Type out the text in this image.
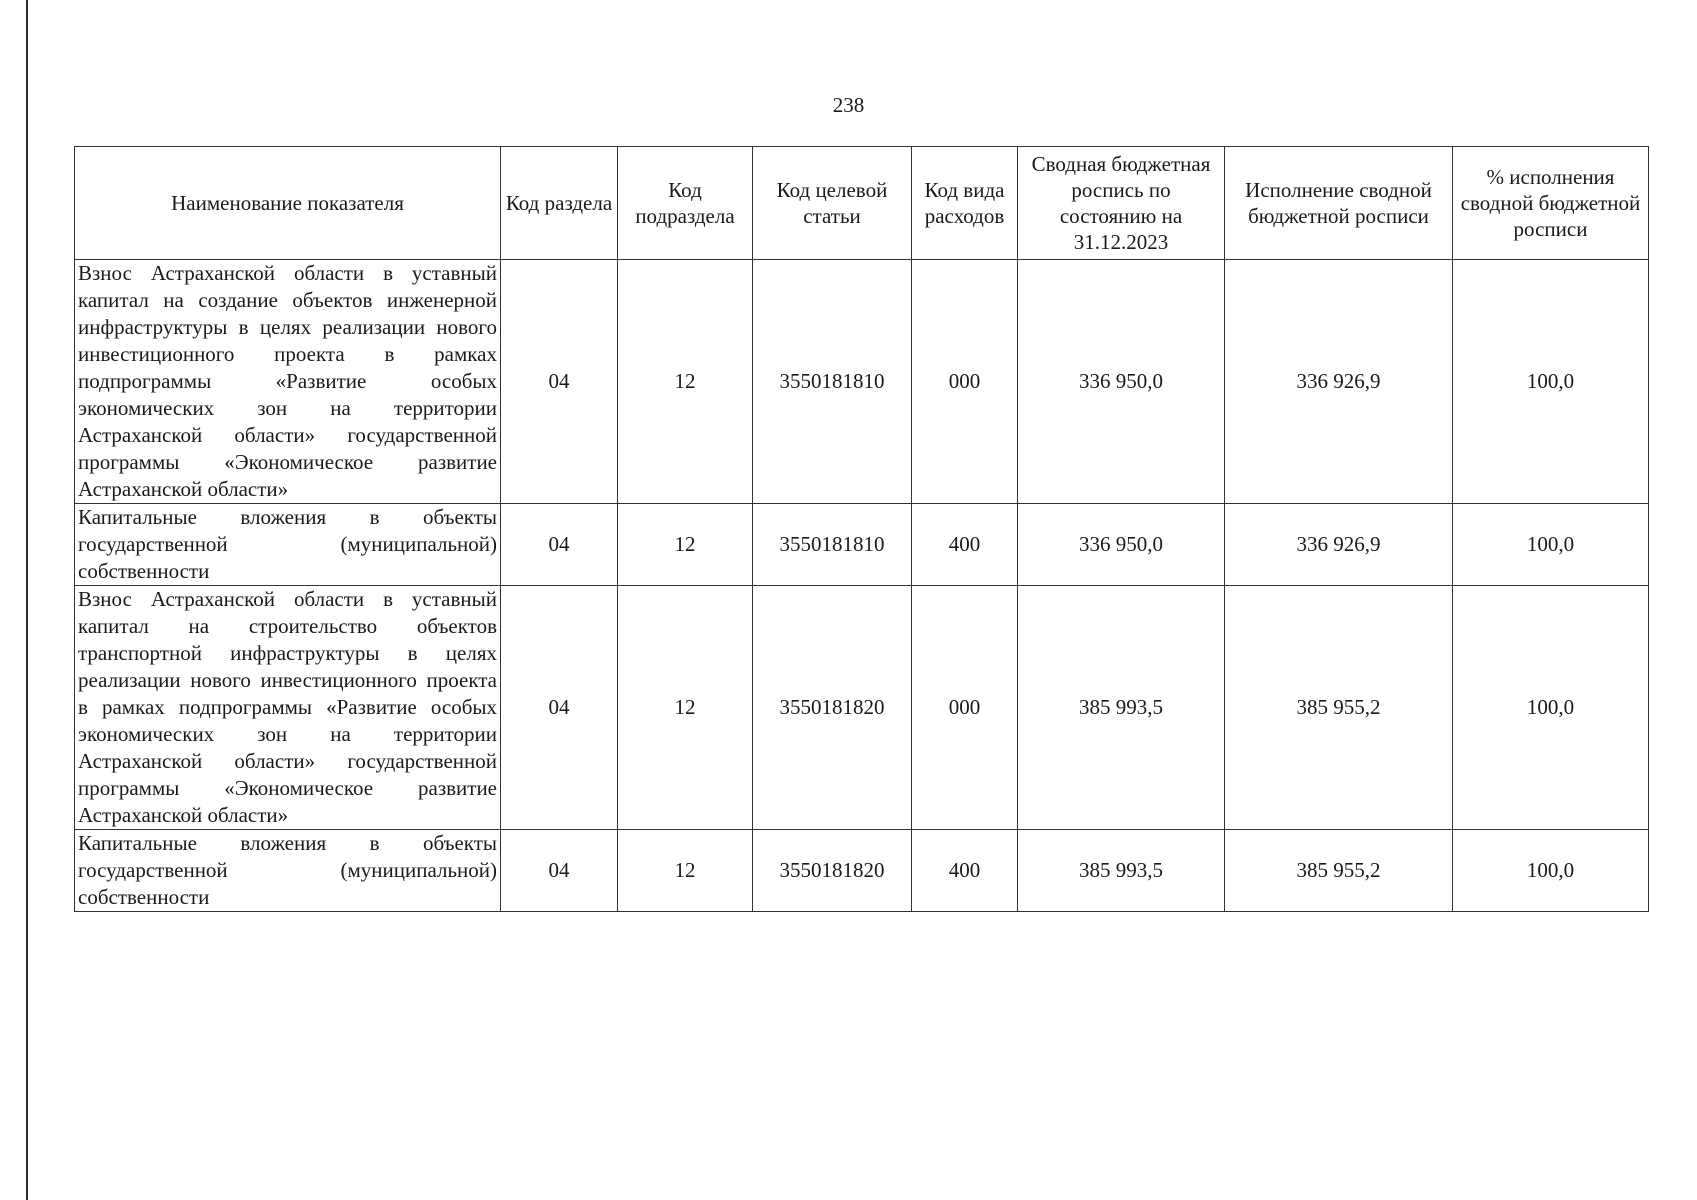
238
Наименование показателя	Код раздела	Код подраздела	Код целевой статьи	Код вида расходов	Сводная бюджетная роспись по состоянию на 31.12.2023	Исполнение сводной бюджетной росписи	% исполнения сводной бюджетной росписи
Взнос Астраханской области в уставный капитал на создание объектов инженерной инфраструктуры в целях реализации нового инвестиционного проекта в рамках подпрограммы «Развитие особых экономических зон на территории Астраханской области» государственной программы «Экономическое развитие Астраханской области»	04	12	3550181810	000	336 950,0	336 926,9	100,0
Капитальные вложения в объекты государственной (муниципальной) собственности	04	12	3550181810	400	336 950,0	336 926,9	100,0
Взнос Астраханской области в уставный капитал на строительство объектов транспортной инфраструктуры в целях реализации нового инвестиционного проекта в рамках подпрограммы «Развитие особых экономических зон на территории Астраханской области» государственной программы «Экономическое развитие Астраханской области»	04	12	3550181820	000	385 993,5	385 955,2	100,0
Капитальные вложения в объекты государственной (муниципальной) собственности	04	12	3550181820	400	385 993,5	385 955,2	100,0
